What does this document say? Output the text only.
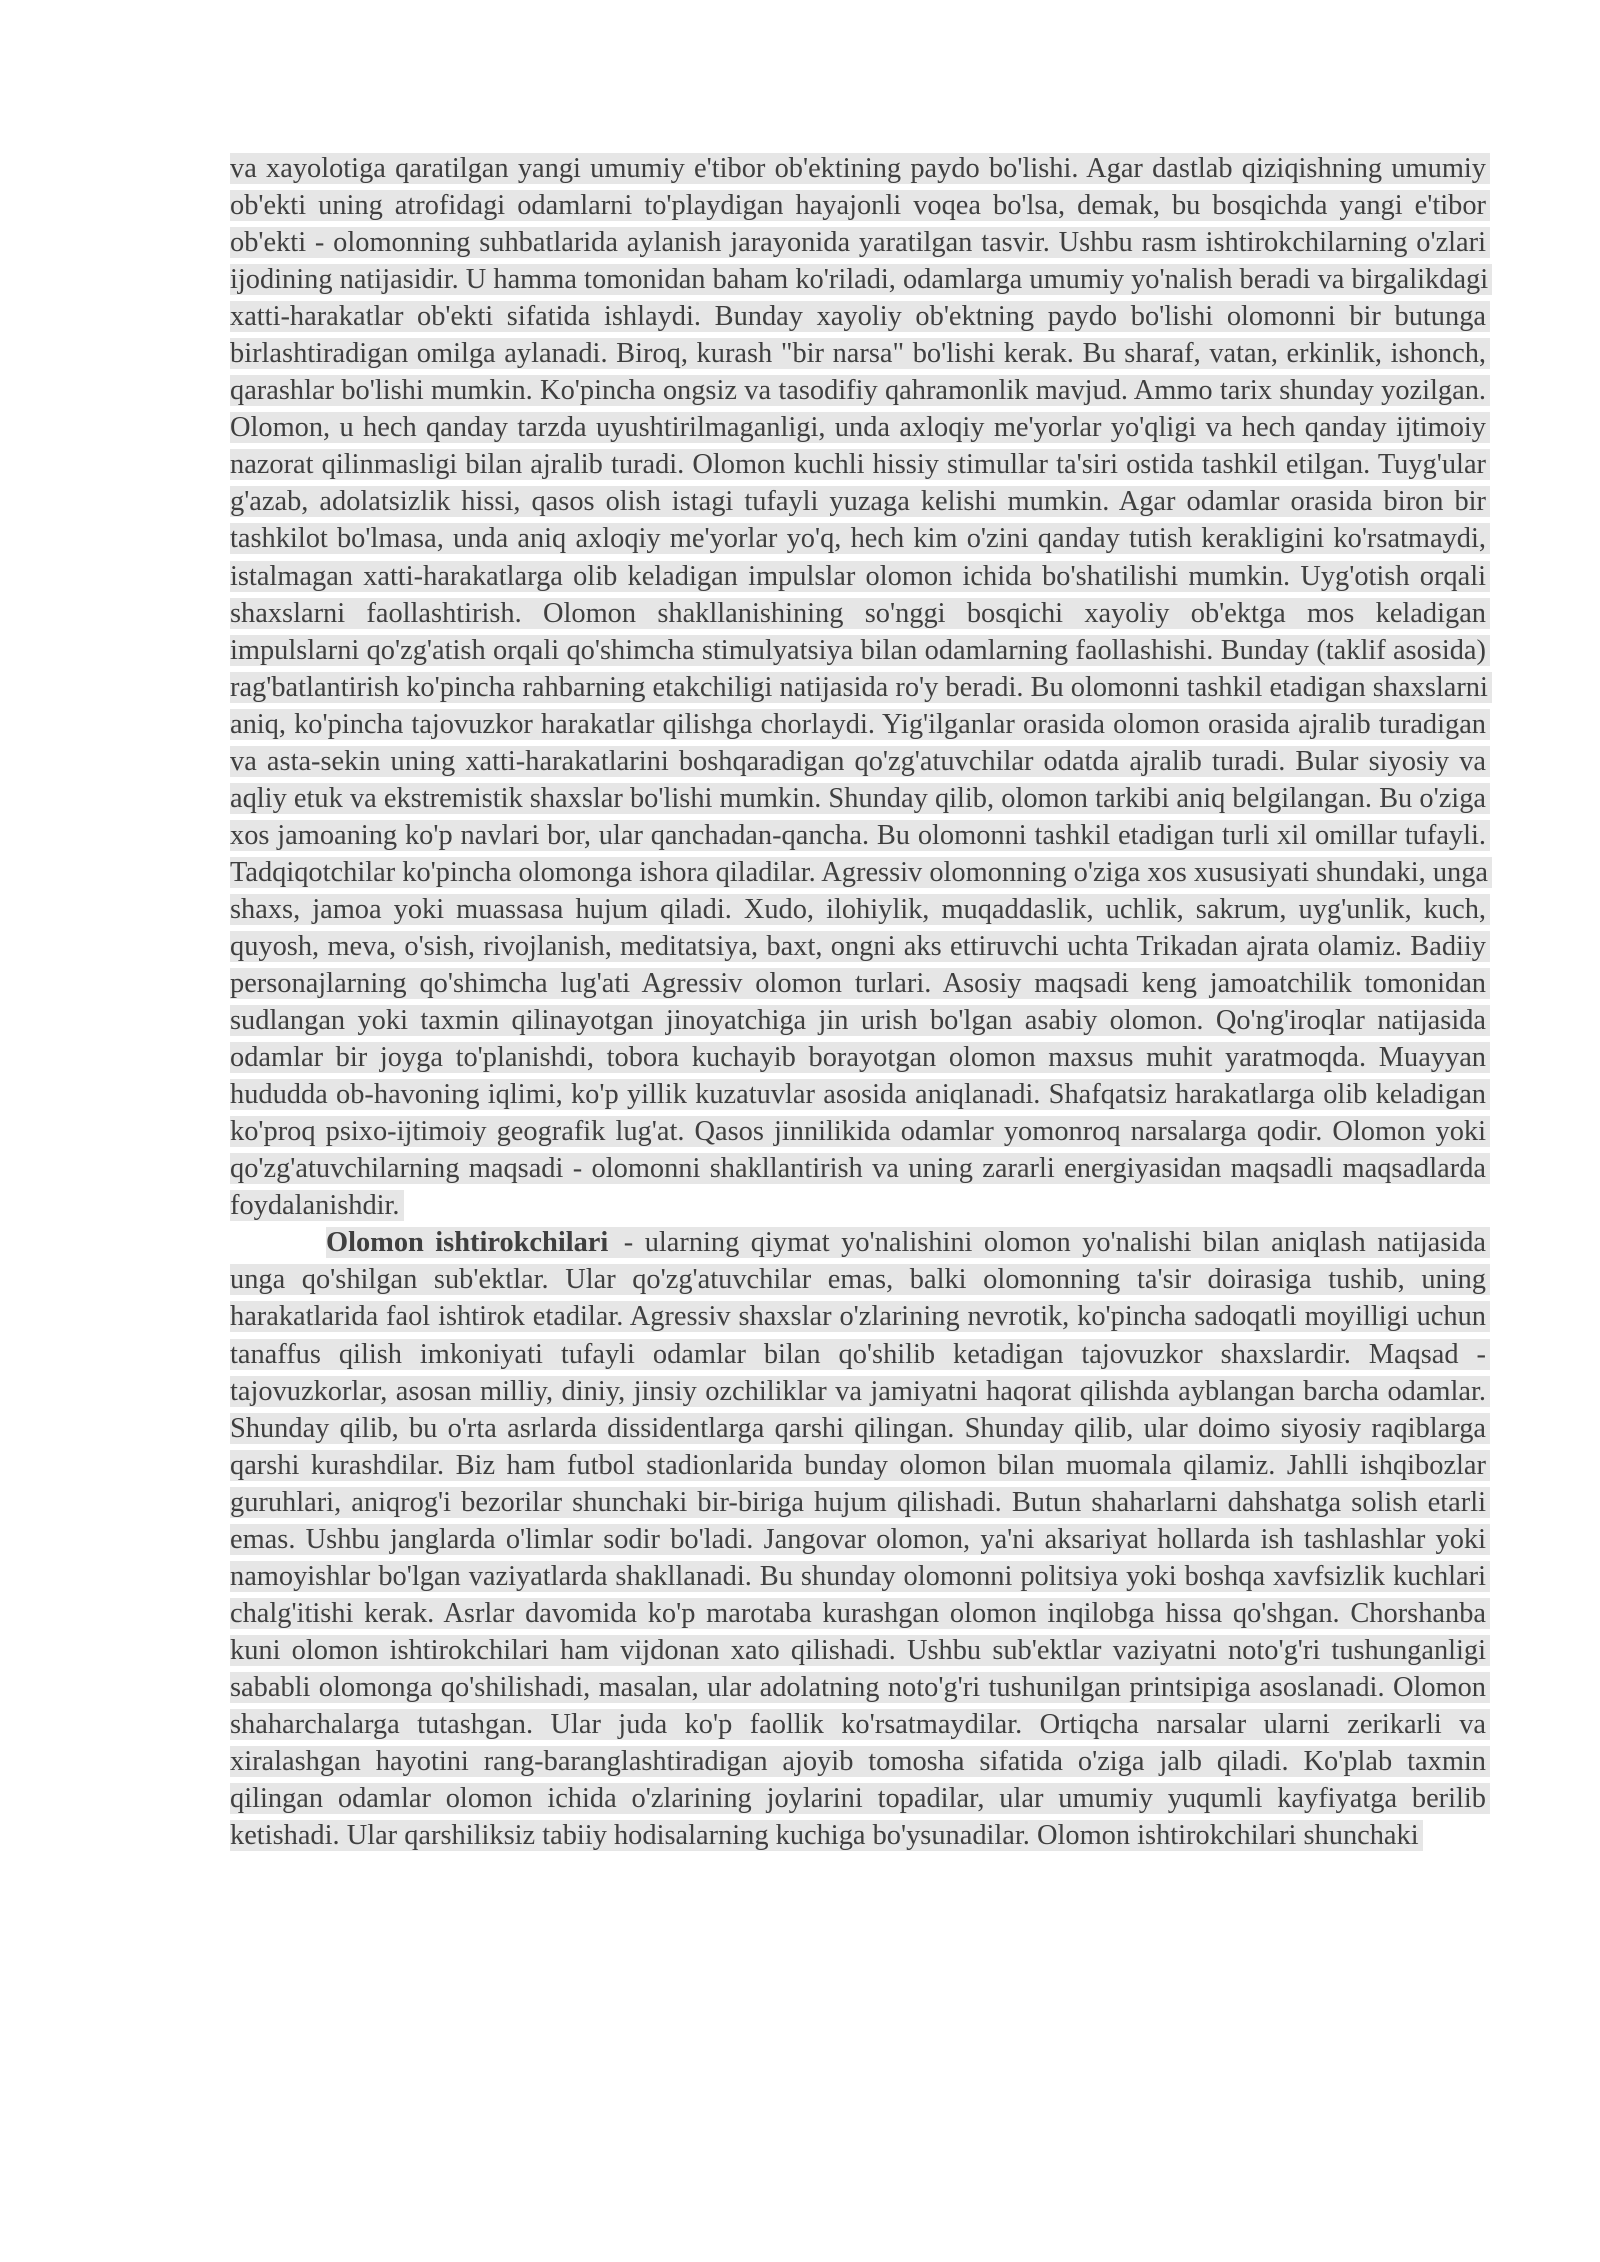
va xayolotiga qaratilgan yangi umumiy e'tibor ob'ektining paydo bo'lishi. Agar dastlab qiziqishning umumiy ob'ekti uning atrofidagi odamlarni to'playdigan hayajonli voqea bo'lsa, demak, bu bosqichda yangi e'tibor ob'ekti - olomonning suhbatlarida aylanish jarayonida yaratilgan tasvir. Ushbu rasm ishtirokchilarning o'zlari ijodining natijasidir. U hamma tomonidan baham ko'riladi, odamlarga umumiy yo'nalish beradi va birgalikdagi xatti-harakatlar ob'ekti sifatida ishlaydi. Bunday xayoliy ob'ektning paydo bo'lishi olomonni bir butunga birlashtiradigan omilga aylanadi. Biroq, kurash "bir narsa" bo'lishi kerak. Bu sharaf, vatan, erkinlik, ishonch, qarashlar bo'lishi mumkin. Ko'pincha ongsiz va tasodifiy qahramonlik mavjud. Ammo tarix shunday yozilgan. Olomon, u hech qanday tarzda uyushtirilmaganligi, unda axloqiy me'yorlar yo'qligi va hech qanday ijtimoiy nazorat qilinmasligi bilan ajralib turadi. Olomon kuchli hissiy stimullar ta'siri ostida tashkil etilgan. Tuyg'ular g'azab, adolatsizlik hissi, qasos olish istagi tufayli yuzaga kelishi mumkin. Agar odamlar orasida biron bir tashkilot bo'lmasa, unda aniq axloqiy me'yorlar yo'q, hech kim o'zini qanday tutish kerakligini ko'rsatmaydi, istalmagan xatti-harakatlarga olib keladigan impulslar olomon ichida bo'shatilishi mumkin. Uyg'otish orqali shaxslarni faollashtirish. Olomon shakllanishining so'nggi bosqichi xayoliy ob'ektga mos keladigan impulslarni qo'zg'atish orqali qo'shimcha stimulyatsiya bilan odamlarning faollashishi. Bunday (taklif asosida) rag'batlantirish ko'pincha rahbarning etakchiligi natijasida ro'y beradi. Bu olomonni tashkil etadigan shaxslarni aniq, ko'pincha tajovuzkor harakatlar qilishga chorlaydi. Yig'ilganlar orasida olomon orasida ajralib turadigan va asta-sekin uning xatti-harakatlarini boshqaradigan qo'zg'atuvchilar odatda ajralib turadi. Bular siyosiy va aqliy etuk va ekstremistik shaxslar bo'lishi mumkin. Shunday qilib, olomon tarkibi aniq belgilangan. Bu o'ziga xos jamoaning ko'p navlari bor, ular qanchadan-qancha. Bu olomonni tashkil etadigan turli xil omillar tufayli. Tadqiqotchilar ko'pincha olomonga ishora qiladilar. Agressiv olomonning o'ziga xos xususiyati shundaki, unga shaxs, jamoa yoki muassasa hujum qiladi. Xudo, ilohiylik, muqaddaslik, uchlik, sakrum, uyg'unlik, kuch, quyosh, meva, o'sish, rivojlanish, meditatsiya, baxt, ongni aks ettiruvchi uchta Trikadan ajrata olamiz. Badiiy personajlarning qo'shimcha lug'ati Agressiv olomon turlari. Asosiy maqsadi keng jamoatchilik tomonidan sudlangan yoki taxmin qilinayotgan jinoyatchiga jin urish bo'lgan asabiy olomon. Qo'ng'iroqlar natijasida odamlar bir joyga to'planishdi, tobora kuchayib borayotgan olomon maxsus muhit yaratmoqda. Muayyan hududda ob-havoning iqlimi, ko'p yillik kuzatuvlar asosida aniqlanadi. Shafqatsiz harakatlarga olib keladigan ko'proq psixo-ijtimoiy geografik lug'at. Qasos jinnilikida odamlar yomonroq narsalarga qodir. Olomon yoki qo'zg'atuvchilarning maqsadi - olomonni shakllantirish va uning zararli energiyasidan maqsadli maqsadlarda foydalanishdir.

Olomon ishtirokchilari - ularning qiymat yo'nalishini olomon yo'nalishi bilan aniqlash natijasida unga qo'shilgan sub'ektlar. Ular qo'zg'atuvchilar emas, balki olomonning ta'sir doirasiga tushib, uning harakatlarida faol ishtirok etadilar. Agressiv shaxslar o'zlarining nevrotik, ko'pincha sadoqatli moyilligi uchun tanaffus qilish imkoniyati tufayli odamlar bilan qo'shilib ketadigan tajovuzkor shaxslardir. Maqsad - tajovuzkorlar, asosan milliy, diniy, jinsiy ozchiliklar va jamiyatni haqorat qilishda ayblangan barcha odamlar. Shunday qilib, bu o'rta asrlarda dissidentlarga qarshi qilingan. Shunday qilib, ular doimo siyosiy raqiblarga qarshi kurashdilar. Biz ham futbol stadionlarida bunday olomon bilan muomala qilamiz. Jahlli ishqibozlar guruhlari, aniqrog'i bezorilar shunchaki bir-biriga hujum qilishadi. Butun shaharlarni dahshatga solish etarli emas. Ushbu janglarda o'limlar sodir bo'ladi. Jangovar olomon, ya'ni aksariyat hollarda ish tashlashlar yoki namoyishlar bo'lgan vaziyatlarda shakllanadi. Bu shunday olomonni politsiya yoki boshqa xavfsizlik kuchlari chalg'itishi kerak. Asrlar davomida ko'p marotaba kurashgan olomon inqilobga hissa qo'shgan. Chorshanba kuni olomon ishtirokchilari ham vijdonan xato qilishadi. Ushbu sub'ektlar vaziyatni noto'g'ri tushunganligi sababli olomonga qo'shilishadi, masalan, ular adolatning noto'g'ri tushunilgan printsipiga asoslanadi. Olomon shaharchalarga tutashgan. Ular juda ko'p faollik ko'rsatmaydilar. Ortiqcha narsalar ularni zerikarli va xiralashgan hayotini rang-baranglashtiradigan ajoyib tomosha sifatida o'ziga jalb qiladi. Ko'plab taxmin qilingan odamlar olomon ichida o'zlarining joylarini topadilar, ular umumiy yuqumli kayfiyatga berilib ketishadi. Ular qarshiliksiz tabiiy hodisalarning kuchiga bo'ysunadilar. Olomon ishtirokchilari shunchaki
